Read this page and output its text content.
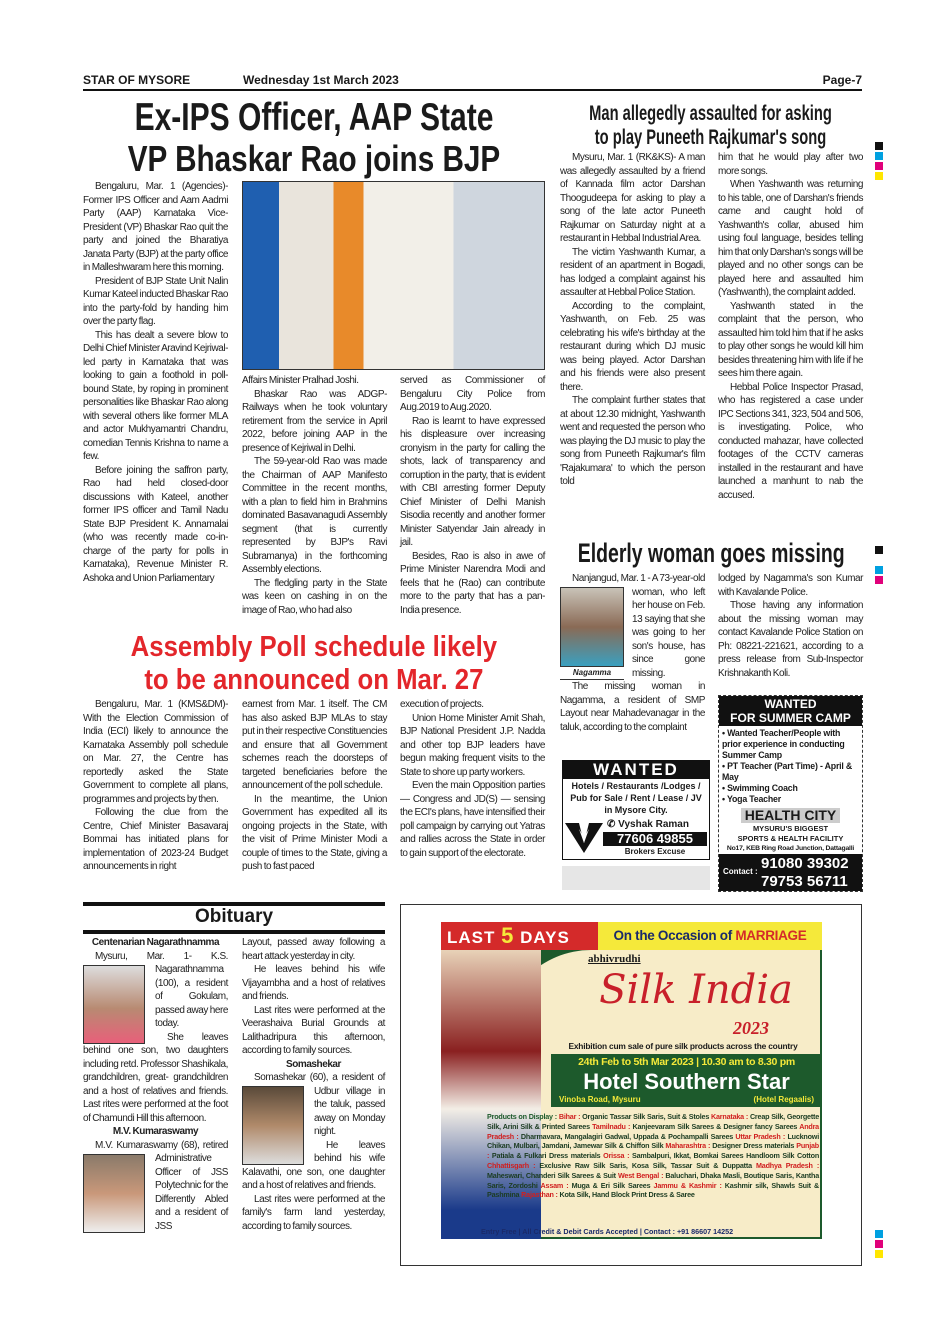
STAR OF MYSORE	Wednesday 1st March 2023	Page-7
Ex-IPS Officer, AAP State
VP Bhaskar Rao joins BJP

Bengaluru, Mar. 1 (Agencies)- Former IPS Officer and Aam Aadmi Party (AAP) Karnataka Vice-President (VP) Bhaskar Rao quit the party and joined the Bharatiya Janata Party (BJP) at the party office in Malleshwaram here this morning.

President of BJP State Unit Nalin Kumar Kateel inducted Bhaskar Rao into the party-fold by handing him over the party flag.

This has dealt a severe blow to Delhi Chief Minister Aravind Kejriwal-led party in Karnataka that was looking to gain a foothold in poll-bound State, by roping in prominent personalities like Bhaskar Rao along with several others like former MLA and actor Mukhyamantri Chandru, comedian Tennis Krishna to name a few.

Before joining the saffron party, Rao had held closed-door discussions with Kateel, another former IPS officer and Tamil Nadu State BJP President K. Annamalai (who was recently made co-in-charge of the party for polls in Karnataka), Revenue Minister R. Ashoka and Union Parliamentary

Affairs Minister Pralhad Joshi.

Bhaskar Rao was ADGP-Railways when he took voluntary retirement from the service in April 2022, before joining AAP in the presence of Kejriwal in Delhi.

The 59-year-old Rao was made the Chairman of AAP Manifesto Committee in the recent months, with a plan to field him in Brahmins dominated Basavanagudi Assembly segment (that is currently represented by BJP's Ravi Subramanya) in the forthcoming Assembly elections.

The fledgling party in the State was keen on cashing in on the image of Rao, who had also

served as Commissioner of Bengaluru City Police from Aug.2019 to Aug.2020.

Rao is learnt to have expressed his displeasure over increasing cronyism in the party for calling the shots, lack of transparency and corruption in the party, that is evident with CBI arresting former Deputy Chief Minister of Delhi Manish Sisodia recently and another former Minister Satyendar Jain already in jail.

Besides, Rao is also in awe of Prime Minister Narendra Modi and feels that he (Rao) can contribute more to the party that has a pan-India presence.

Man allegedly assaulted for asking
to play Puneeth Rajkumar's song

Mysuru, Mar. 1 (RK&KS)- A man was allegedly assaulted by a friend of Kannada film actor Darshan Thoogudeepa for asking to play a song of the late actor Puneeth Rajkumar on Saturday night at a restaurant in Hebbal Industrial Area.

The victim Yashwanth Kumar, a resident of an apartment in Bogadi, has lodged a complaint against his assaulter at Hebbal Police Station.

According to the complaint, Yashwanth, on Feb. 25 was celebrating his wife's birthday at the restaurant during which DJ music was being played. Actor Darshan and his friends were also present there.

The complaint further states that at about 12.30 midnight, Yashwanth went and requested the person who was playing the DJ music to play the song from Puneeth Rajkumar's film 'Rajakumara' to which the person told

him that he would play after two more songs.

When Yashwanth was returning to his table, one of Darshan's friends came and caught hold of Yashwanth's collar, abused him using foul language, besides telling him that only Darshan's songs will be played and no other songs can be played here and assaulted him (Yashwanth), the complaint added.

Yashwanth stated in the complaint that the person, who assaulted him told him that if he asks to play other songs he would kill him besides threatening him with life if he sees him there again.

Hebbal Police Inspector Prasad, who has registered a case under IPC Sections 341, 323, 504 and 506, is investigating. Police, who conducted mahazar, have collected footages of the CCTV cameras installed in the restaurant and have launched a manhunt to nab the accused.

Elderly woman goes missing
Nagamma

Nanjangud, Mar. 1 - A 73-year-old woman, who left her house on Feb. 13 saying that she was going to her son's house, has since gone missing.

The missing woman in Nagamma, a resident of SMP Layout near Mahadevanagar in the taluk, according to the complaint

lodged by Nagamma's son Kumar with Kavalande Police.

Those having any information about the missing woman may contact Kavalande Police Station on Ph: 08221-221621, according to a press release from Sub-Inspector Krishnakanth Koli.

Assembly Poll schedule likely
to be announced on Mar. 27

Bengaluru, Mar. 1 (KMS&DM)- With the Election Commission of India (ECI) likely to announce the Karnataka Assembly poll schedule on Mar. 27, the Centre has reportedly asked the State Government to complete all plans, programmes and projects by then.

Following the clue from the Centre, Chief Minister Basavaraj Bommai has initiated plans for implementation of 2023-24 Budget announcements in right

earnest from Mar. 1 itself. The CM has also asked BJP MLAs to stay put in their respective Constituencies and ensure that all Government schemes reach the doorsteps of targeted beneficiaries before the announcement of the poll schedule.

In the meantime, the Union Government has expedited all its ongoing projects in the State, with the visit of Prime Minister Modi a couple of times to the State, giving a push to fast paced

execution of projects.

Union Home Minister Amit Shah, BJP National President J.P. Nadda and other top BJP leaders have begun making frequent visits to the State to shore up party workers.

Even the main Opposition parties — Congress and JD(S) — sensing the ECI's plans, have intensified their poll campaign by carrying out Yatras and rallies across the State in order to gain support of the electorate.

WANTED
Hotels / Restaurants /Lodges / Pub for Sale / Rent / Lease / JV in Mysore City.
✆ Vyshak Raman
77606 49855
Brokers Excuse
WANTED
FOR SUMMER CAMP
• Wanted Teacher/People with prior experience in conducting Summer Camp
• PT Teacher (Part Time) - April & May
• Swimming Coach
• Yoga Teacher
HEALTH CITY
MYSURU'S BIGGEST
SPORTS & HEALTH FACILITY
No17, KEB Ring Road Junction, Dattagalli
Contact : 91080 39302
79753 56711
Obituary
Centenarian Nagarathnamma

Mysuru, Mar. 1- K.S. Nagarathnamma (100), a resident of Gokulam, passed away here today.

She leaves behind one son, two daughters including retd. Professor Shashikala, grandchildren, great- grandchildren and a host of relatives and friends. Last rites were performed at the foot of Chamundi Hill this afternoon.

M.V. Kumaraswamy

M.V. Kumaraswamy (68), retired Administrative Officer of JSS Polytechnic for the Differently Abled and a resident of JSS

Layout, passed away following a heart attack yesterday in city.

He leaves behind his wife Vijayambha and a host of relatives and friends.

Last rites were performed at the Veerashaiva Burial Grounds at Lalithadripura this afternoon, according to family sources.

Somashekar

Somashekar (60), a resident of Udbur village in the taluk, passed away on Monday night.

He leaves behind his wife Kalavathi, one son, one daughter and a host of relatives and friends.

Last rites were performed at the family's farm land yesterday, according to family sources.

LAST 5 DAYS	On the Occasion of MARRIAGE
abhivrudhi
Silk India
2023
Exhibition cum sale of pure silk products across the country
24th Feb to 5th Mar 2023 | 10.30 am to 8.30 pm
Hotel Southern Star
Vinoba Road, Mysuru	(Hotel Regaalis)
Products on Display : Bihar : Organic Tassar Silk Saris, Suit & Stoles Karnataka : Creap Silk, Georgette Silk, Arini Silk & Printed Sarees Tamilnadu : Kanjeevaram Silk Sarees & Designer fancy Sarees Andra Pradesh : Dharmavara, Mangalagiri Gadwal, Uppada & Pochampalli Sarees Uttar Pradesh : Lucknowi Chikan, Mulbari, Jamdani, Jamewar Silk & Chiffon Silk Maharashtra : Designer Dress materials Punjab : Patiala & Fulkari Dress materials Orissa : Sambalpuri, Ikkat, Bomkai Sarees Handloom Silk Cotton Chhattisgarh : Exclusive Raw Silk Saris, Kosa Silk, Tassar Suit & Duppatta Madhya Pradesh : Maheswari, Chanderi Silk Sarees & Suit West Bengal : Baluchari, Dhaka Masli, Boutique Saris, Kantha Saris, Zordoshi Assam : Muga & Eri Silk Sarees Jammu & Kashmir : Kashmir silk, Shawls Suit & Pashmina Rajasthan : Kota Silk, Hand Block Print Dress & Saree
Entry Free | All Credit & Debit Cards Accepted | Contact : +91 86607 14252
